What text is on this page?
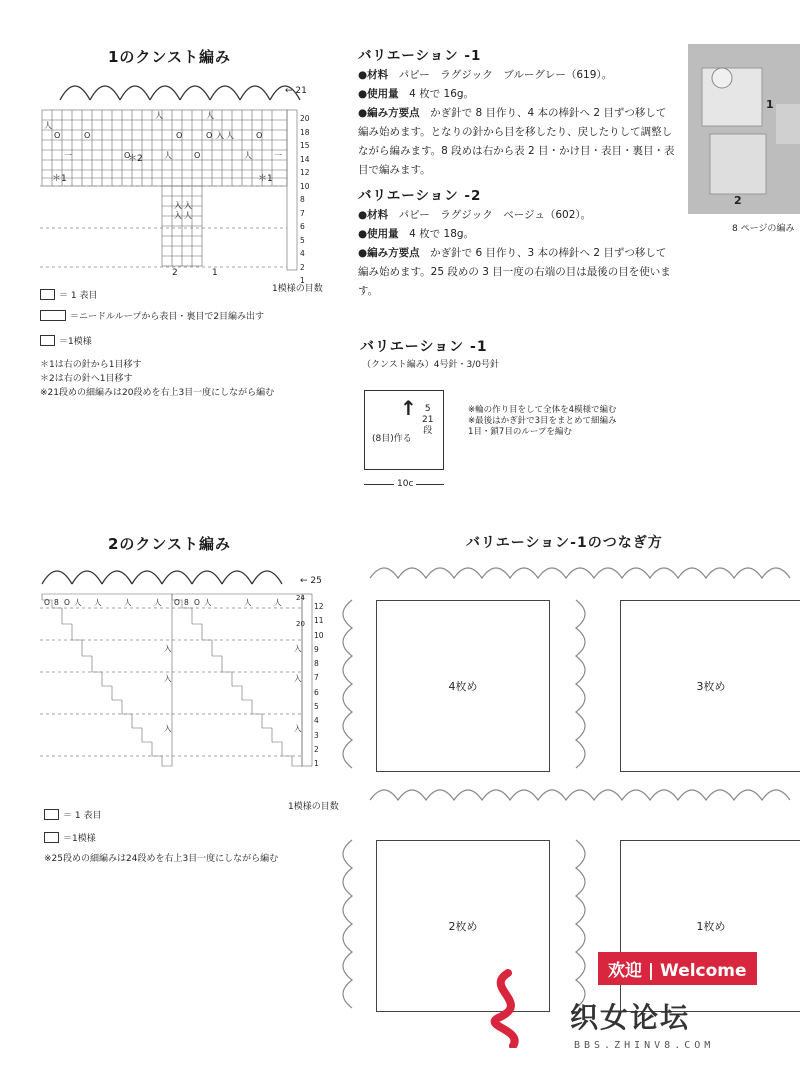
1のクンスト編み
人
人	人
O	O	O	O 入 人	O
一	O	人	O	人	一
入 入
入 人
← 21
20
18
15
14
12
10
8
7
6
5
4
2
1
＊1	＊1
＊2
2	1
1模様の目数
＝ 1 表目
＝ニードルループから表目・裏目で2目編み出す
＝1模様
＊1は右の針から1目移す
＊2は右の針へ1目移す
※21段めの細編みは20段めを右上3目一度にしながら編む
バリエーション -1
●材料　 パピー　ラグジック　ブルーグレー（619）。
●使用量　 4 枚で 16g。
●編み方要点　 かぎ針で 8 目作り、4 本の棒針へ 2 目ずつ移して編み始めます。となりの針から目を移したり、戻したりして調整しながら編みます。8 段めは右から表 2 目・かけ目・表目・裏目・表目で編みます。
バリエーション -2
●材料　 パピー　ラグジック　ベージュ（602）。
●使用量　 4 枚で 18g。
●編み方要点　 かぎ針で 6 目作り、3 本の棒針へ 2 目ずつ移して編み始めます。25 段めの 3 目一度の右端の目は最後の目を使います。
1
2
8 ページの編み
バリエーション -1
（クンスト編み）4号針・3/0号針
↑
(8目)作る
5
21
段
10c
※輪の作り目をして全体を4模様で編む
※最後はかぎ針で3目をまとめて細編み
1目・鎖7目のループを編む
2のクンスト編み
O 8 O 人 人	人	人 O 8 O 人	人	人
入	入
入	入
入	入
← 25
24
20
12
11
10
9
8
7
6
5
4
3
2
1
1模様の目数
＝ 1 表目
＝1模様
※25段めの細編みは24段めを右上3目一度にしながら編む
バリエーション-1のつなぎ方
4枚め	3枚め
2枚め	1枚め
欢迎 | Welcome
织女论坛
BBS.ZHINV8.COM
